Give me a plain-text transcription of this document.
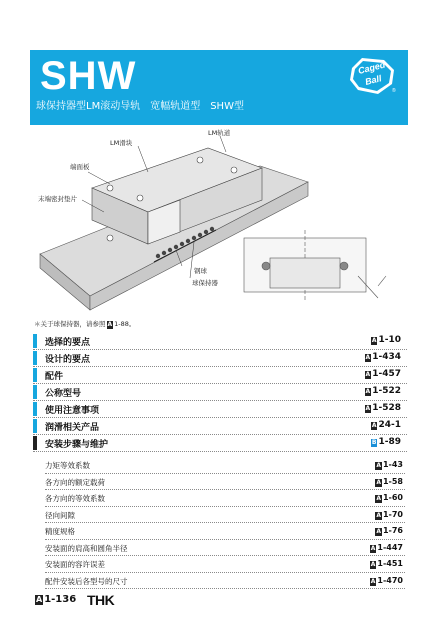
SHW
球保持器型LM滚动导轨　宽幅轨道型　SHW型
Caged
Ball
®
LM滑块
LM轨道
端面板
末端密封垫片
钢球
球保持器
＊关于球保持器，请参照 A 1-88。
选择的要点	A 1-10
设计的要点	A 1-434
配件	A 1-457
公称型号	A 1-522
使用注意事项	A 1-528
润滑相关产品	A 24-1
安装步骤与维护	B 1-89
力矩等效系数	A 1-43
各方向的额定载荷	A 1-58
各方向的等效系数	A 1-60
径向间隙	A 1-70
精度规格	A 1-76
安装面的肩高和圆角半径	A 1-447
安装面的容许误差	A 1-451
配件安装后各型号的尺寸	A 1-470
A 1-136 THK
